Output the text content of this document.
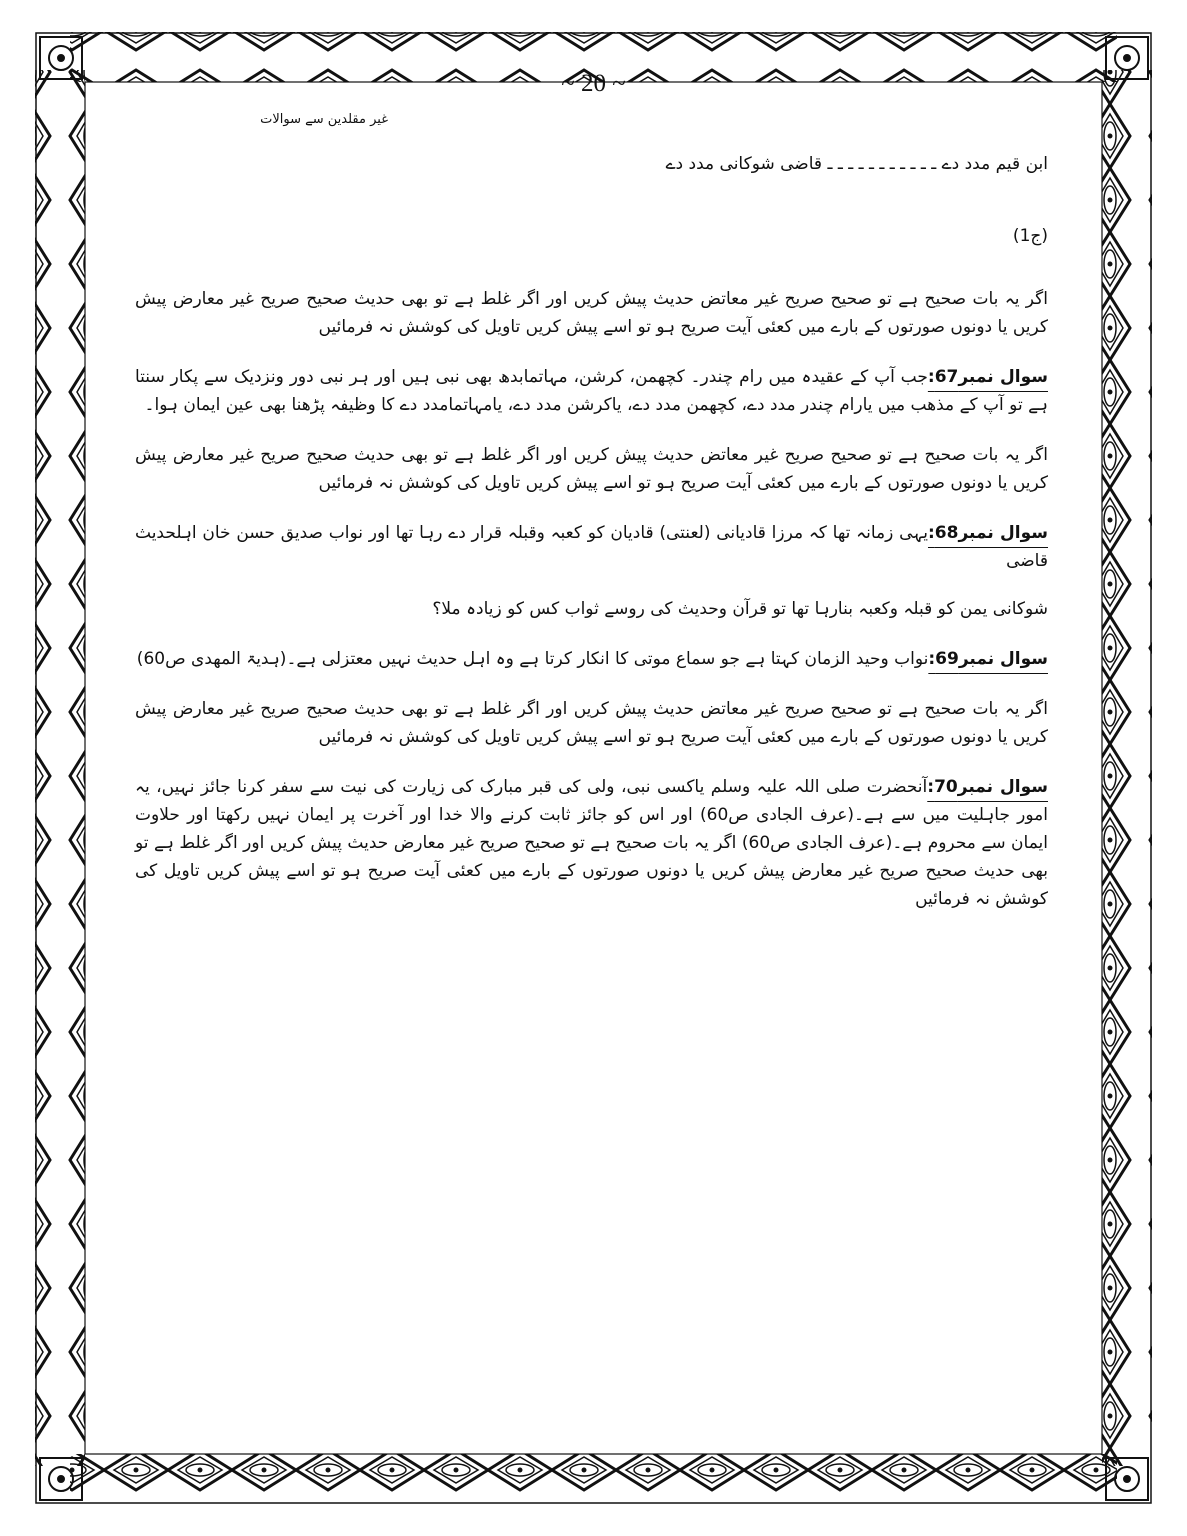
~ 20 ~
غیر مقلدین سے سوالات

ابن قیم مدد دے ـ ـ ـ ـ ـ ـ ـ ـ ـ ـ ـ قاضی شوکانی مدد دے

(ج1)

اگر یہ بات صحیح ہے تو صحیح صریح غیر معاتض حدیث پیش کریں اور اگر غلط ہے تو بھی حدیث صحیح صریح غیر معارض پیش کریں یا دونوں صورتوں کے بارے میں کعئی آیت صریح ہو تو اسے پیش کریں تاویل کی کوشش نہ فرمائیں

سوال نمبر67:جب آپ کے عقیدہ میں رام چندر۔ کچھمن، کرشن، مہاتمابدھ بھی نبی ہیں اور ہر نبی دور ونزدیک سے پکار سنتا ہے تو آپ کے مذھب میں یارام چندر مدد دے، کچھمن مدد دے، یاکرشن مدد دے، یامہاتمامدد دے کا وظیفہ پڑھنا بھی عین ایمان ہوا۔

اگر یہ بات صحیح ہے تو صحیح صریح غیر معاتض حدیث پیش کریں اور اگر غلط ہے تو بھی حدیث صحیح صریح غیر معارض پیش کریں یا دونوں صورتوں کے بارے میں کعئی آیت صریح ہو تو اسے پیش کریں تاویل کی کوشش نہ فرمائیں

سوال نمبر68:یہی زمانہ تھا کہ مرزا قادیانی (لعنتی) قادیان کو کعبہ وقبلہ قرار دے رہا تھا اور نواب صدیق حسن خان اہلحدیث قاضی

شوکانی یمن کو قبلہ وکعبہ بنارہا تھا تو قرآن وحدیث کی روسے ثواب کس کو زیادہ ملا؟

سوال نمبر69:نواب وحید الزمان کہتا ہے جو سماع موتی کا انکار کرتا ہے وہ اہل حدیث نہیں معتزلی ہے۔(ہدیۃ المھدی ص60)

اگر یہ بات صحیح ہے تو صحیح صریح غیر معاتض حدیث پیش کریں اور اگر غلط ہے تو بھی حدیث صحیح صریح غیر معارض پیش کریں یا دونوں صورتوں کے بارے میں کعئی آیت صریح ہو تو اسے پیش کریں تاویل کی کوشش نہ فرمائیں

سوال نمبر70:آنحضرت صلی اللہ علیہ وسلم یاکسی نبی، ولی کی قبر مبارک کی زیارت کی نیت سے سفر کرنا جائز نہیں، یہ امور جاہلیت میں سے ہے۔(عرف الجادی ص60) اور اس کو جائز ثابت کرنے والا خدا اور آخرت پر ایمان نہیں رکھتا اور حلاوت ایمان سے محروم ہے۔(عرف الجادی ص60) اگر یہ بات صحیح ہے تو صحیح صریح غیر معارض حدیث پیش کریں اور اگر غلط ہے تو بھی حدیث صحیح صریح غیر معارض پیش کریں یا دونوں صورتوں کے بارے میں کعئی آیت صریح ہو تو اسے پیش کریں تاویل کی کوشش نہ فرمائیں
